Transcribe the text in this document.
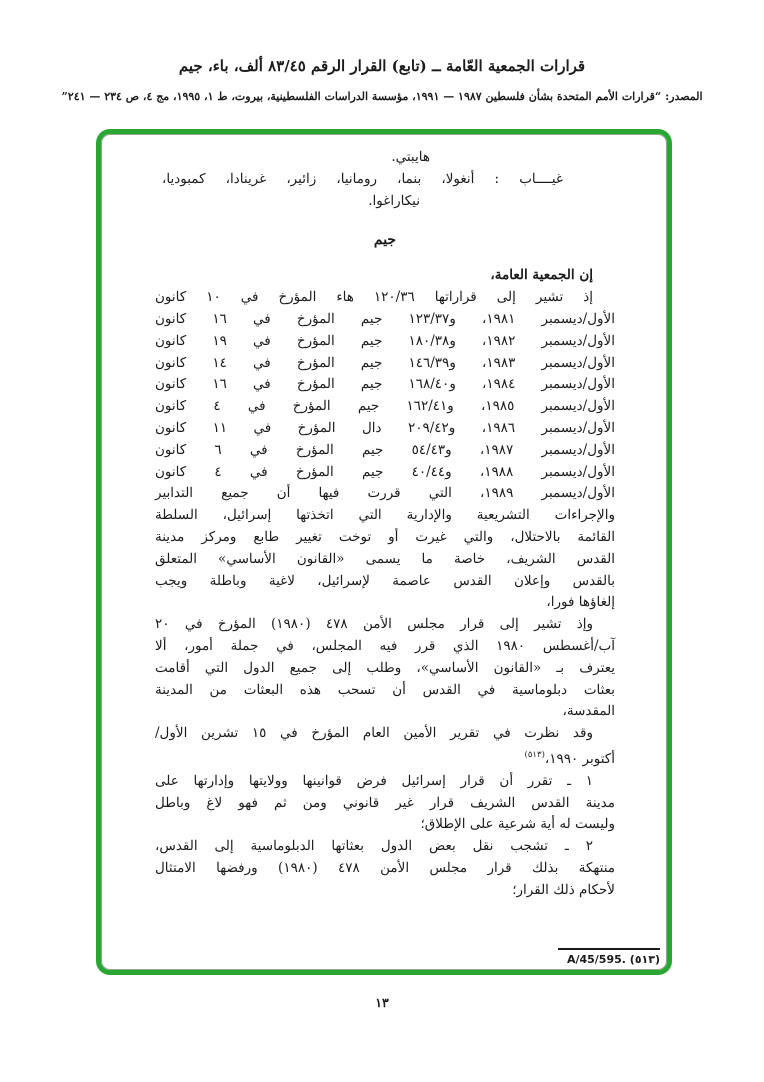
قرارات الجمعية العّامة ــ (تابع) القرار الرقم ٨٣/٤٥ ألف، باء، جيم
المصدر: “قرارات الأمم المتحدة بشأن فلسطين ١٩٨٧ — ١٩٩١، مؤسسة الدراسات الفلسطينية، بيروت، ط ١، ١٩٩٥، مج ٤، ص ٢٣٤ — ٢٤١”
هايبتي.
غيــــاب : أنغولا، بنما، رومانيا، زائير، غرينادا، كمبوديا،
نيكاراغوا.
جيم
إن الجمعية العامة،
إذ تشير إلى قراراتها ١٢٠/٣٦ هاء المؤرخ في ١٠ كانون
الأول/ديسمبر ١٩٨١، و١٢٣/٣٧ جيم المؤرخ في ١٦ كانون
الأول/ديسمبر ١٩٨٢، و١٨٠/٣٨ جيم المؤرخ في ١٩ كانون
الأول/ديسمبر ١٩٨٣، و١٤٦/٣٩ جيم المؤرخ في ١٤ كانون
الأول/ديسمبر ١٩٨٤، و١٦٨/٤٠ جيم المؤرخ في ١٦ كانون
الأول/ديسمبر ١٩٨٥، و١٦٢/٤١ جيم المؤرخ في ٤ كانون
الأول/ديسمبر ١٩٨٦، و٢٠٩/٤٢ دال المؤرخ في ١١ كانون
الأول/ديسمبر ١٩٨٧، و٥٤/٤٣ جيم المؤرخ في ٦ كانون
الأول/ديسمبر ١٩٨٨، و٤٠/٤٤ جيم المؤرخ في ٤ كانون
الأول/ديسمبر ١٩٨٩، التي قررت فيها أن جميع التدابير
والإجراءات التشريعية والإدارية التي اتخذتها إسرائيل، السلطة
القائمة بالاحتلال، والتي غيرت أو توخت تغيير طابع ومركز مدينة
القدس الشريف، خاصة ما يسمى «القانون الأساسي» المتعلق
بالقدس وإعلان القدس عاصمة لإسرائيل، لاغية وباطلة ويجب
إلغاؤها فورا،
وإذ تشير إلى قرار مجلس الأمن ٤٧٨ (١٩٨٠) المؤرخ في ٢٠
آب/أغسطس ١٩٨٠ الذي قرر فيه المجلس، في جملة أمور، ألا
يعترف بـ «القانون الأساسي»، وطلب إلى جميع الدول التي أقامت
بعثات دبلوماسية في القدس أن تسحب هذه البعثات من المدينة
المقدسة،
وقد نظرت في تقرير الأمين العام المؤرخ في ١٥ تشرين الأول/
أكتوبر ١٩٩٠،$^{(٥١٣)}$
١ ـ تقرر أن قرار إسرائيل فرض قوانينها وولايتها وإدارتها على
مدينة القدس الشريف قرار غير قانوني ومن ثم فهو لاغ وباطل
وليست له أية شرعية على الإطلاق؛
٢ ـ تشجب نقل بعض الدول بعثاتها الدبلوماسية إلى القدس،
منتهكة بذلك قرار مجلس الأمن ٤٧٨ (١٩٨٠) ورفضها الامتثال
لأحكام ذلك القرار؛
A/45/595. (٥١٣)
١٣
